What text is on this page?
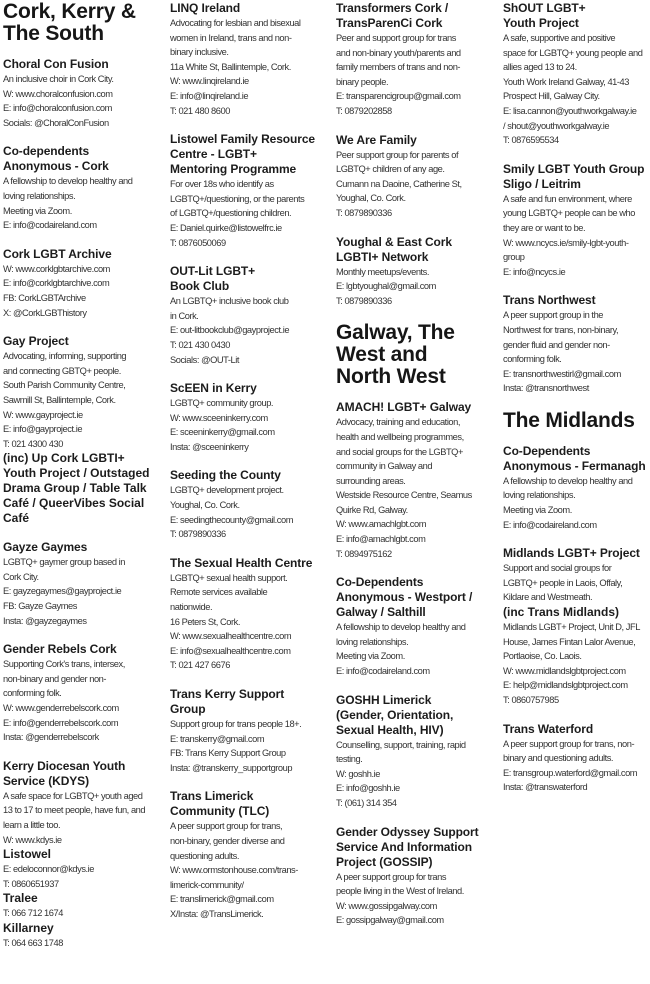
Cork, Kerry &
The South
Choral Con Fusion
An inclusive choir in Cork City.
W: www.choralconfusion.com
E: info@choralconfusion.com
Socials: @ChoralConFusion
Co-dependents
Anonymous - Cork
A fellowship to develop healthy and
loving relationships.
Meeting via Zoom.
E: info@codaireland.com
Cork LGBT Archive
W: www.corklgbtarchive.com
E: info@corklgbtarchive.com
FB: CorkLGBTArchive
X: @CorkLGBThistory
Gay Project
Advocating, informing, supporting
and connecting GBTQ+ people.
South Parish Community Centre,
Sawmill St, Ballintemple, Cork.
W: www.gayproject.ie
E: info@gayproject.ie
T: 021 4300 430
(inc) Up Cork LGBTI+
Youth Project / Outstaged
Drama Group / Table Talk
Café / QueerVibes Social
Café
Gayze Gaymes
LGBTQ+ gaymer group based in
Cork City.
E: gayzegaymes@gayproject.ie
FB: Gayze Gaymes
Insta: @gayzegaymes
Gender Rebels Cork
Supporting Cork's trans, intersex,
non-binary and gender non-
conforming folk.
W: www.genderrebelscork.com
E: info@genderrebelscork.com
Insta: @genderrebelscork
Kerry Diocesan Youth
Service (KDYS)
A safe space for LGBTQ+ youth aged
13 to 17 to meet people, have fun, and
learn a little too.
W: www.kdys.ie
Listowel
E: edeloconnor@kdys.ie
T: 0860651937
Tralee
T: 066 712 1674
Killarney
T: 064 663 1748
LINQ Ireland
Advocating for lesbian and bisexual
women in Ireland, trans and non-
binary inclusive.
11a White St, Ballintemple, Cork.
W: www.linqireland.ie
E: info@linqireland.ie
T: 021 480 8600
Listowel Family Resource
Centre - LGBT+
Mentoring Programme
For over 18s who identify as
LGBTQ+/questioning, or the parents
of LGBTQ+/questioning children.
E: Daniel.quirke@listowelfrc.ie
T: 0876050069
OUT-Lit LGBT+
Book Club
An LGBTQ+ inclusive book club
in Cork.
E: out-litbookclub@gayproject.ie
T: 021 430 0430
Socials: @OUT-Lit
ScEEN in Kerry
LGBTQ+ community group.
W: www.sceeninkerry.com
E: sceeninkerry@gmail.com
Insta: @sceeninkerry
Seeding the County
LGBTQ+ development project.
Youghal, Co. Cork.
E: seedingthecounty@gmail.com
T: 0879890336
The Sexual Health Centre
LGBTQ+ sexual health support.
Remote services available
nationwide.
16 Peters St, Cork.
W: www.sexualhealthcentre.com
E: info@sexualhealthcentre.com
T: 021 427 6676
Trans Kerry Support
Group
Support group for trans people 18+.
E: transkerry@gmail.com
FB: Trans Kerry Support Group
Insta: @transkerry_supportgroup
Trans Limerick
Community (TLC)
A peer support group for trans,
non-binary, gender diverse and
questioning adults.
W: www.ormstonhouse.com/trans-
limerick-community/
E: translimerick@gmail.com
X/Insta: @TransLimerick.
Transformers Cork /
TransParenCi Cork
Peer and support group for trans
and non-binary youth/parents and
family members of trans and non-
binary people.
E: transparencigroup@gmail.com
T: 0879202858
We Are Family
Peer support group for parents of
LGBTQ+ children of any age.
Cumann na Daoine, Catherine St,
Youghal, Co. Cork.
T: 0879890336
Youghal & East Cork
LGBTI+ Network
Monthly meetups/events.
E: lgbtyoughal@gmail.com
T: 0879890336
Galway, The
West and
North West
AMACH! LGBT+ Galway
Advocacy, training and education,
health and wellbeing programmes,
and social groups for the LGBTQ+
community in Galway and
surrounding areas.
Westside Resource Centre, Seamus
Quirke Rd, Galway.
W: www.amachlgbt.com
E: info@amachlgbt.com
T: 0894975162
Co-Dependents
Anonymous - Westport /
Galway / Salthill
A fellowship to develop healthy and
loving relationships.
Meeting via Zoom.
E: info@codaireland.com
GOSHH Limerick
(Gender, Orientation,
Sexual Health, HIV)
Counselling, support, training, rapid
testing.
W: goshh.ie
E: info@goshh.ie
T: (061) 314 354
Gender Odyssey Support
Service And Information
Project (GOSSIP)
A peer support group for trans
people living in the West of Ireland.
W: www.gossipgalway.com
E: gossipgalway@gmail.com
ShOUT LGBT+
Youth Project
A safe, supportive and positive
space for LGBTQ+ young people and
allies aged 13 to 24.
Youth Work Ireland Galway, 41-43
Prospect Hill, Galway City.
E: lisa.cannon@youthworkgalway.ie
/ shout@youthworkgalway.ie
T: 0876595534
Smily LGBT Youth Group
Sligo / Leitrim
A safe and fun environment, where
young LGBTQ+ people can be who
they are or want to be.
W: www.ncycs.ie/smily-lgbt-youth-
group
E: info@ncycs.ie
Trans Northwest
A peer support group in the
Northwest for trans, non-binary,
gender fluid and gender non-
conforming folk.
E: transnorthwestirl@gmail.com
Insta: @transnorthwest
The Midlands
Co-Dependents
Anonymous - Fermanagh
A fellowship to develop healthy and
loving relationships.
Meeting via Zoom.
E: info@codaireland.com
Midlands LGBT+ Project
Support and social groups for
LGBTQ+ people in Laois, Offaly,
Kildare and Westmeath.
(inc Trans Midlands)
Midlands LGBT+ Project, Unit D, JFL
House, James Fintan Lalor Avenue,
Portlaoise, Co. Laois.
W: www.midlandslgbtproject.com
E: help@midlandslgbtproject.com
T: 0860757985
Trans Waterford
A peer support group for trans, non-
binary and questioning adults.
E: transgroup.waterford@gmail.com
Insta: @transwaterford
